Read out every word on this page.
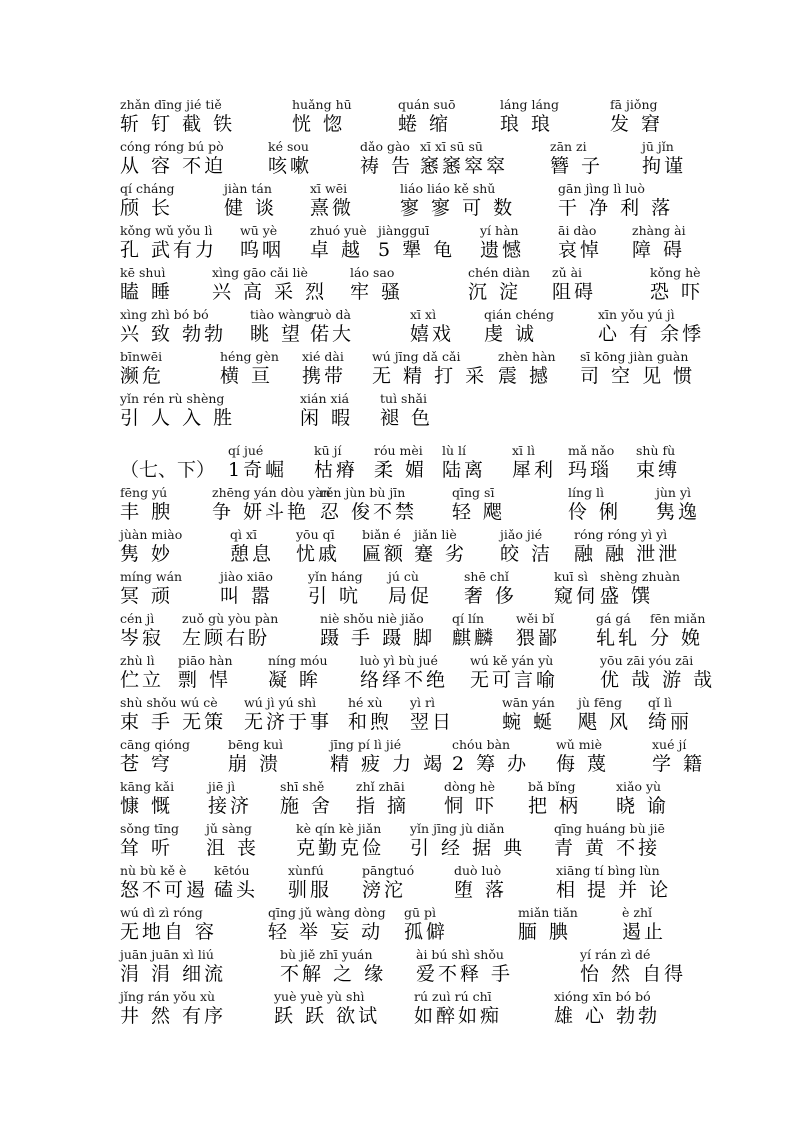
zhǎn dīng jié tiě
斩 钉 截 铁
huǎng hū
恍 惚
quán suō
蜷 缩
láng láng
琅 琅
fā jiǒng
发 窘
cóng róng bú pò
从 容 不迫
ké sou
咳嗽
dǎo gào
祷 告
xī xī sū sū
窸窸窣窣
zān zi
簪 子
jū jǐn
拘谨
qí cháng
颀 长
jiàn tán
健 谈
xī wēi
熹微
liáo liáo kě shǔ
寥 寥 可 数
gān jìng lì luò
干 净 利 落
kǒng wǔ yǒu lì
孔 武有力
wū yè
呜咽
zhuó yuè
卓 越
jiàngguī
5 犟 龟
yí hàn
遗憾
āi dào
哀悼
zhàng ài
障 碍
kē shuì
瞌 睡
xìng gāo cǎi liè
兴 高 采 烈
láo sao
牢 骚
chén diàn
沉 淀
zǔ ài
阻碍
kǒng hè
恐 吓
xìng zhì bó bó
兴 致 勃勃
tiào wàng
眺 望
ruò dà
偌大
xī xì
嬉戏
qián chéng
虔 诚
xīn yǒu yú jì
心 有 余悸
bīnwēi
濒危
héng gèn
横 亘
xié dài
携带
wú jīng dǎ cǎi
无 精 打 采
zhèn hàn
震 撼
sī kōng jiàn guàn
司 空 见 惯
yǐn rén rù shèng
引 人 入 胜
xián xiá
闲 暇
tuì shǎi
褪 色
（七、下）
qí jué
1奇崛
kū jí
枯瘠
róu mèi
柔 媚
lù lí
陆离
xī lì
犀利
mǎ nǎo
玛瑙
shù fù
束缚
fēng yú
丰 腴
zhēng yán dòu yàn
争 妍斗艳
rěn jùn bù jīn
忍 俊不禁
qīng sī
轻 飔
líng lì
伶 俐
jùn yì
隽逸
jùàn miào
隽 妙
qì xī
憩息
yōu qī
忧戚
biǎn é
匾额
jiǎn liè
蹇 劣
jiǎo jié
皎 洁
róng róng yì yì
融 融 泄泄
míng wán
冥 顽
jiào xiāo
叫 嚣
yǐn háng
引 吭
jú cù
局促
shē chǐ
奢 侈
kuī sì
窥伺
shèng zhuàn
盛 馔
cén jì
岑寂
zuǒ gù yòu pàn
左顾右盼
niè shǒu niè jiǎo
蹑 手 蹑 脚
qí lín
麒麟
wěi bǐ
猥鄙
gá gá
轧轧
fēn miǎn
分 娩
zhù lì
伫立
piāo hàn
剽 悍
níng móu
凝 眸
luò yì bù jué
络绎不绝
wú kě yán yù
无可言喻
yōu zāi yóu zāi
优 哉 游 哉
shù shǒu wú cè
束 手 无策
wú jì yú shì
无济于事
hé xù
和煦
yì rì
翌日
wān yán
蜿 蜒
jù fēng
飓 风
qǐ lì
绮丽
cāng qióng
苍 穹
bēng kuì
崩 溃
jīng pí lì jié
精 疲 力 竭
chóu bàn
2 筹 办
wǔ miè
侮 蔑
xué jí
学 籍
kāng kǎi
慷 慨
jiē jì
接济
shī shě
施 舍
zhǐ zhāi
指 摘
dòng hè
恫 吓
bǎ bǐng
把 柄
xiǎo yù
晓 谕
sǒng tīng
耸 听
jǔ sàng
沮 丧
kè qín kè jiǎn
克勤克俭
yǐn jīng jù diǎn
引 经 据 典
qīng huáng bù jiē
青 黄 不接
nù bù kě è
怒不可遏
kētóu
磕头
xùnfú
驯服
pāngtuó
滂沱
duò luò
堕 落
xiāng tí bìng lùn
相 提 并 论
wú dì zì róng
无地自 容
qīng jǔ wàng dòng
轻 举 妄 动
gū pì
孤僻
miǎn tiǎn
腼 腆
è zhǐ
遏止
juān juān xì liú
涓 涓 细流
bù jiě zhī yuán
不解 之 缘
ài bú shì shǒu
爱不释 手
yí rán zì dé
怡 然 自得
jǐng rán yǒu xù
井 然 有序
yuè yuè yù shì
跃 跃 欲试
rú zuì rú chī
如醉如痴
xióng xīn bó bó
雄 心 勃勃
